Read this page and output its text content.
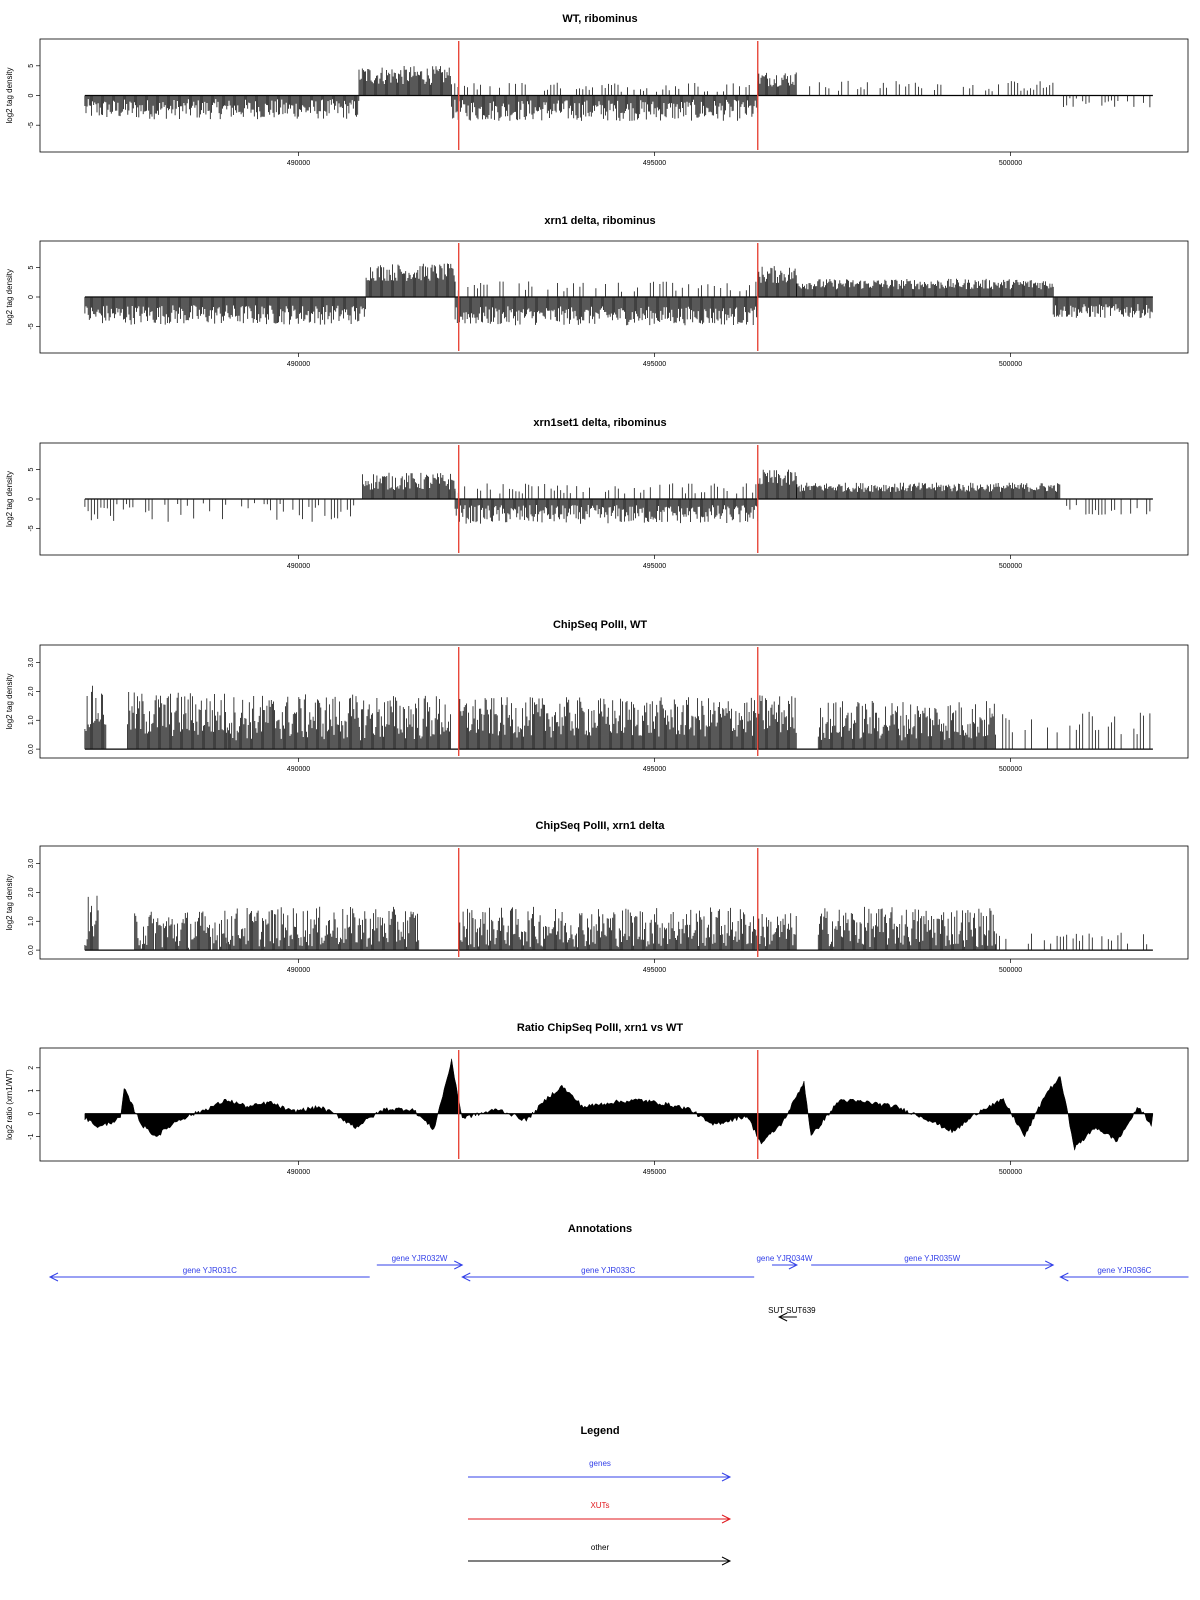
WT, ribominus
log2 tag density
-5
0
5
490000	495000	500000
xrn1 delta, ribominus
log2 tag density
-5
0
5
490000	495000	500000
xrn1set1 delta, ribominus
log2 tag density
-5
0
5
490000	495000	500000
ChipSeq PolII, WT
log2 tag density
0.0
1.0
2.0
3.0
490000	495000	500000
ChipSeq PolII, xrn1 delta
log2 tag density
0.0
1.0
2.0
3.0
490000	495000	500000
Ratio ChipSeq PolII, xrn1 vs WT
log2 ratio (xrn1/WT) -1
0
1
2
490000	495000	500000
Annotations
gene YJR031C
gene YJR032W
gene YJR033C
gene YJR034W	gene YJR035W
gene YJR036C
SUT SUT639
Legend
genes
XUTs
other
